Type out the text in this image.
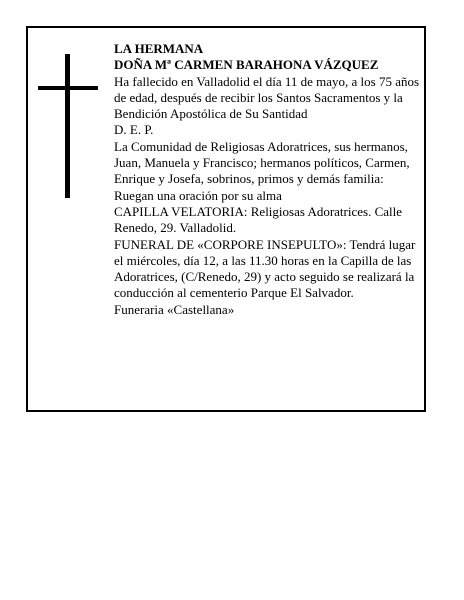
LA HERMANA

DOÑA Mª CARMEN BARAHONA VÁZQUEZ

Ha fallecido en Valladolid el día 11 de mayo, a los 75 años de edad, después de recibir los Santos Sacramentos y la Bendición Apostólica de Su Santidad

D. E. P.

La Comunidad de Religiosas Adoratrices, sus hermanos, Juan, Manuela y Francisco; hermanos políticos, Carmen, Enrique y Josefa, sobrinos, primos y demás familia:

Ruegan una oración por su alma

CAPILLA VELATORIA: Religiosas Adoratrices. Calle Renedo, 29. Valladolid.

FUNERAL DE «CORPORE INSEPULTO»: Tendrá lugar el miércoles, día 12, a las 11.30 horas en la Capilla de las Adoratrices, (C/Renedo, 29) y acto seguido se realizará la conducción al cementerio Parque El Salvador.

Funeraria «Castellana»
